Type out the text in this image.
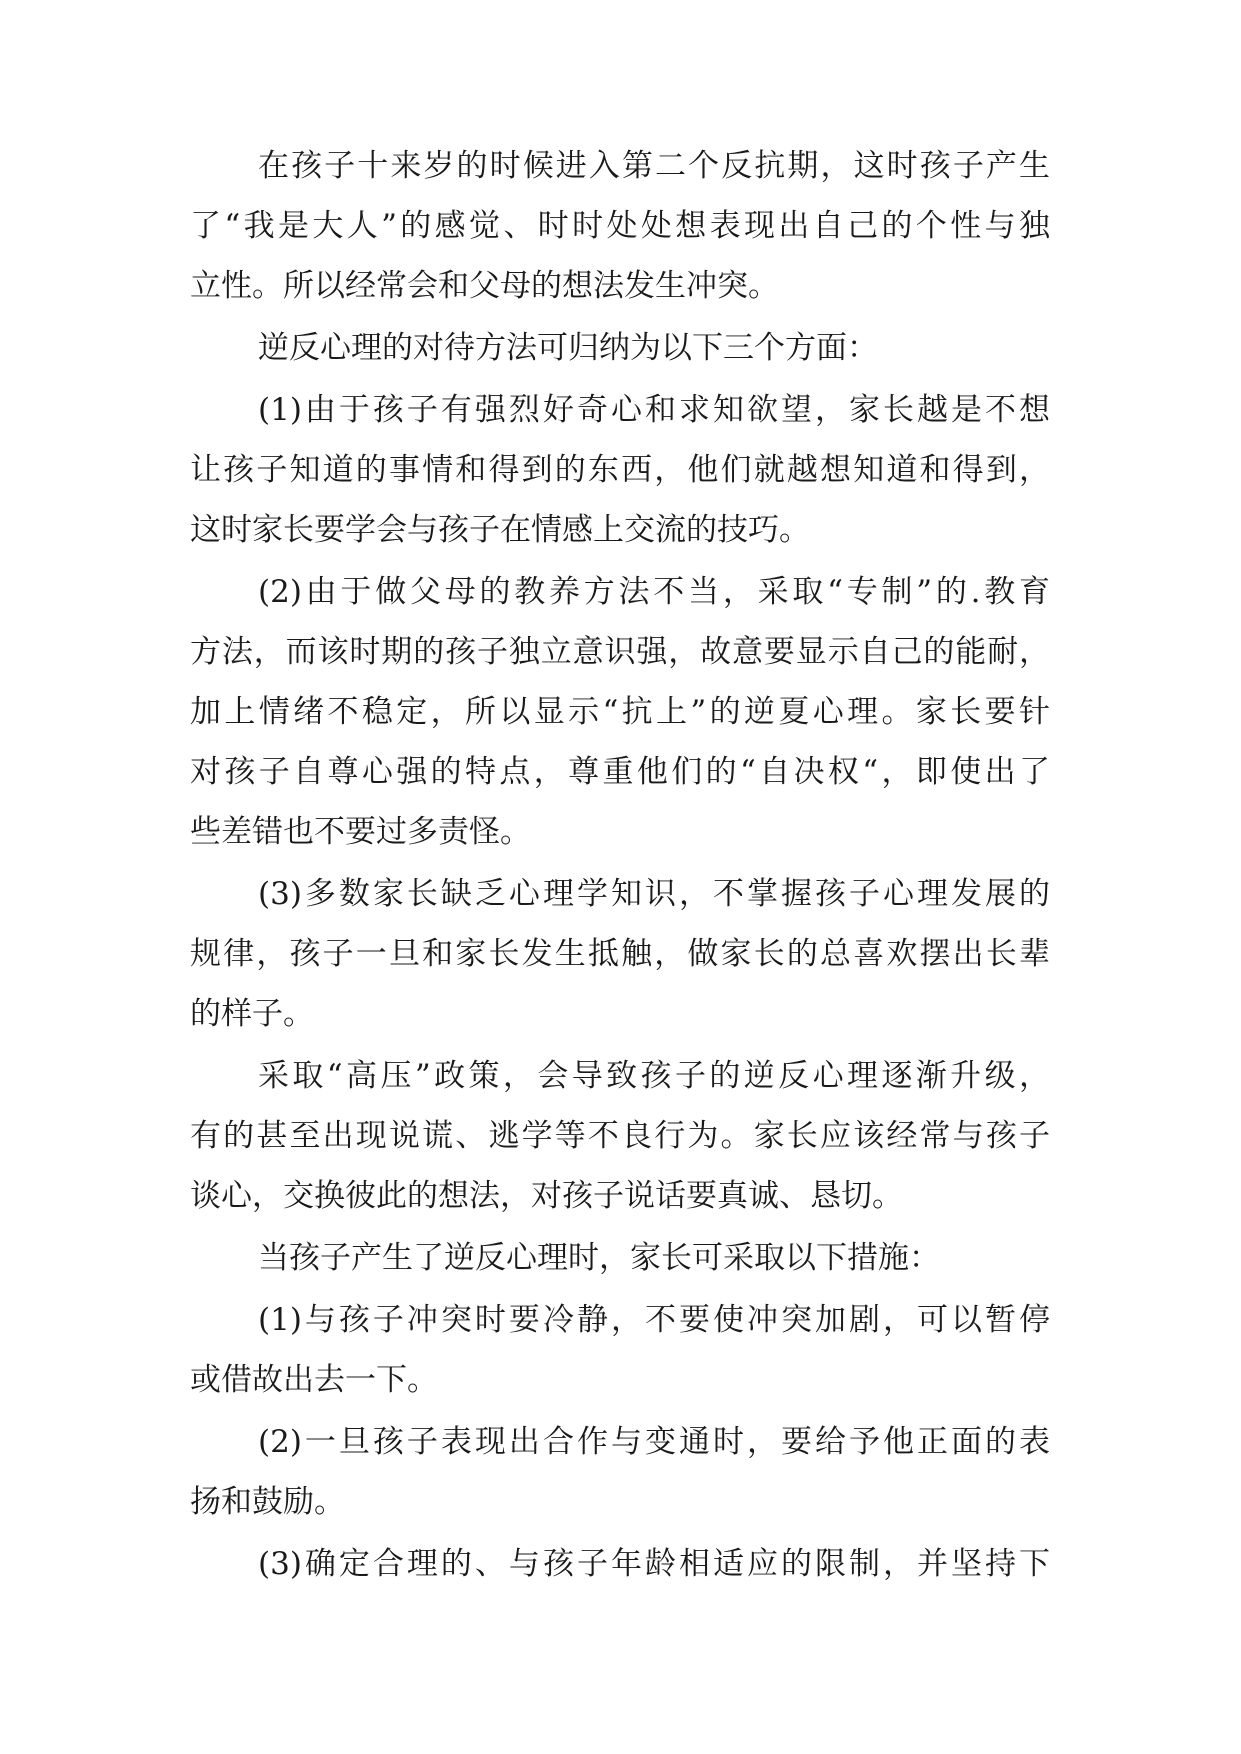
在孩子十来岁的时候进入第二个反抗期，这时孩子产生
了“我是大人”的感觉、时时处处想表现出自己的个性与独
立性。所以经常会和父母的想法发生冲突。
逆反心理的对待方法可归纳为以下三个方面：
(1)由于孩子有强烈好奇心和求知欲望，家长越是不想
让孩子知道的事情和得到的东西，他们就越想知道和得到，
这时家长要学会与孩子在情感上交流的技巧。
(2)由于做父母的教养方法不当，采取“专制”的.教育
方法，而该时期的孩子独立意识强，故意要显示自己的能耐，
加上情绪不稳定，所以显示“抗上”的逆夏心理。家长要针
对孩子自尊心强的特点，尊重他们的“自决权“，即使出了
些差错也不要过多责怪。
(3)多数家长缺乏心理学知识，不掌握孩子心理发展的
规律，孩子一旦和家长发生抵触，做家长的总喜欢摆出长辈
的样子。
采取“高压”政策，会导致孩子的逆反心理逐渐升级，
有的甚至出现说谎、逃学等不良行为。家长应该经常与孩子
谈心，交换彼此的想法，对孩子说话要真诚、恳切。
当孩子产生了逆反心理时，家长可采取以下措施：
(1)与孩子冲突时要冷静，不要使冲突加剧，可以暂停
或借故出去一下。
(2)一旦孩子表现出合作与变通时，要给予他正面的表
扬和鼓励。
(3)确定合理的、与孩子年龄相适应的限制，并坚持下
